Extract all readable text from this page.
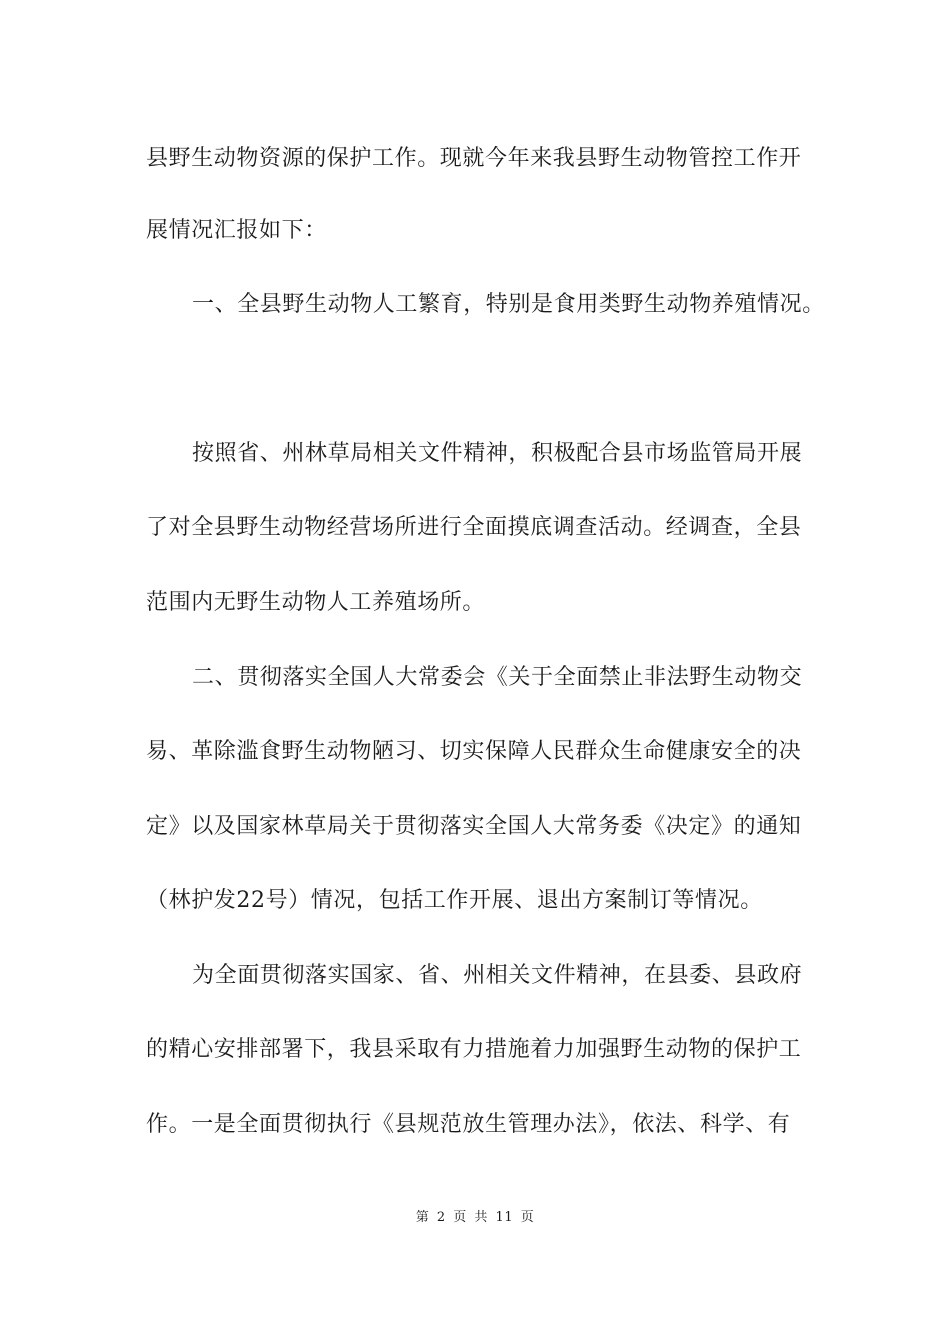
县野生动物资源的保护工作。现就今年来我县野生动物管控工作开
展情况汇报如下：
一、全县野生动物人工繁育，特别是食用类野生动物养殖情况。
按照省、州林草局相关文件精神，积极配合县市场监管局开展
了对全县野生动物经营场所进行全面摸底调查活动。经调查，全县
范围内无野生动物人工养殖场所。
二、贯彻落实全国人大常委会《关于全面禁止非法野生动物交
易、革除滥食野生动物陋习、切实保障人民群众生命健康安全的决
定》以及国家林草局关于贯彻落实全国人大常务委《决定》的通知
（林护发22号）情况，包括工作开展、退出方案制订等情况。
为全面贯彻落实国家、省、州相关文件精神，在县委、县政府
的精心安排部署下，我县采取有力措施着力加强野生动物的保护工
作。一是全面贯彻执行《县规范放生管理办法》，依法、科学、有
第 2 页 共 11 页
